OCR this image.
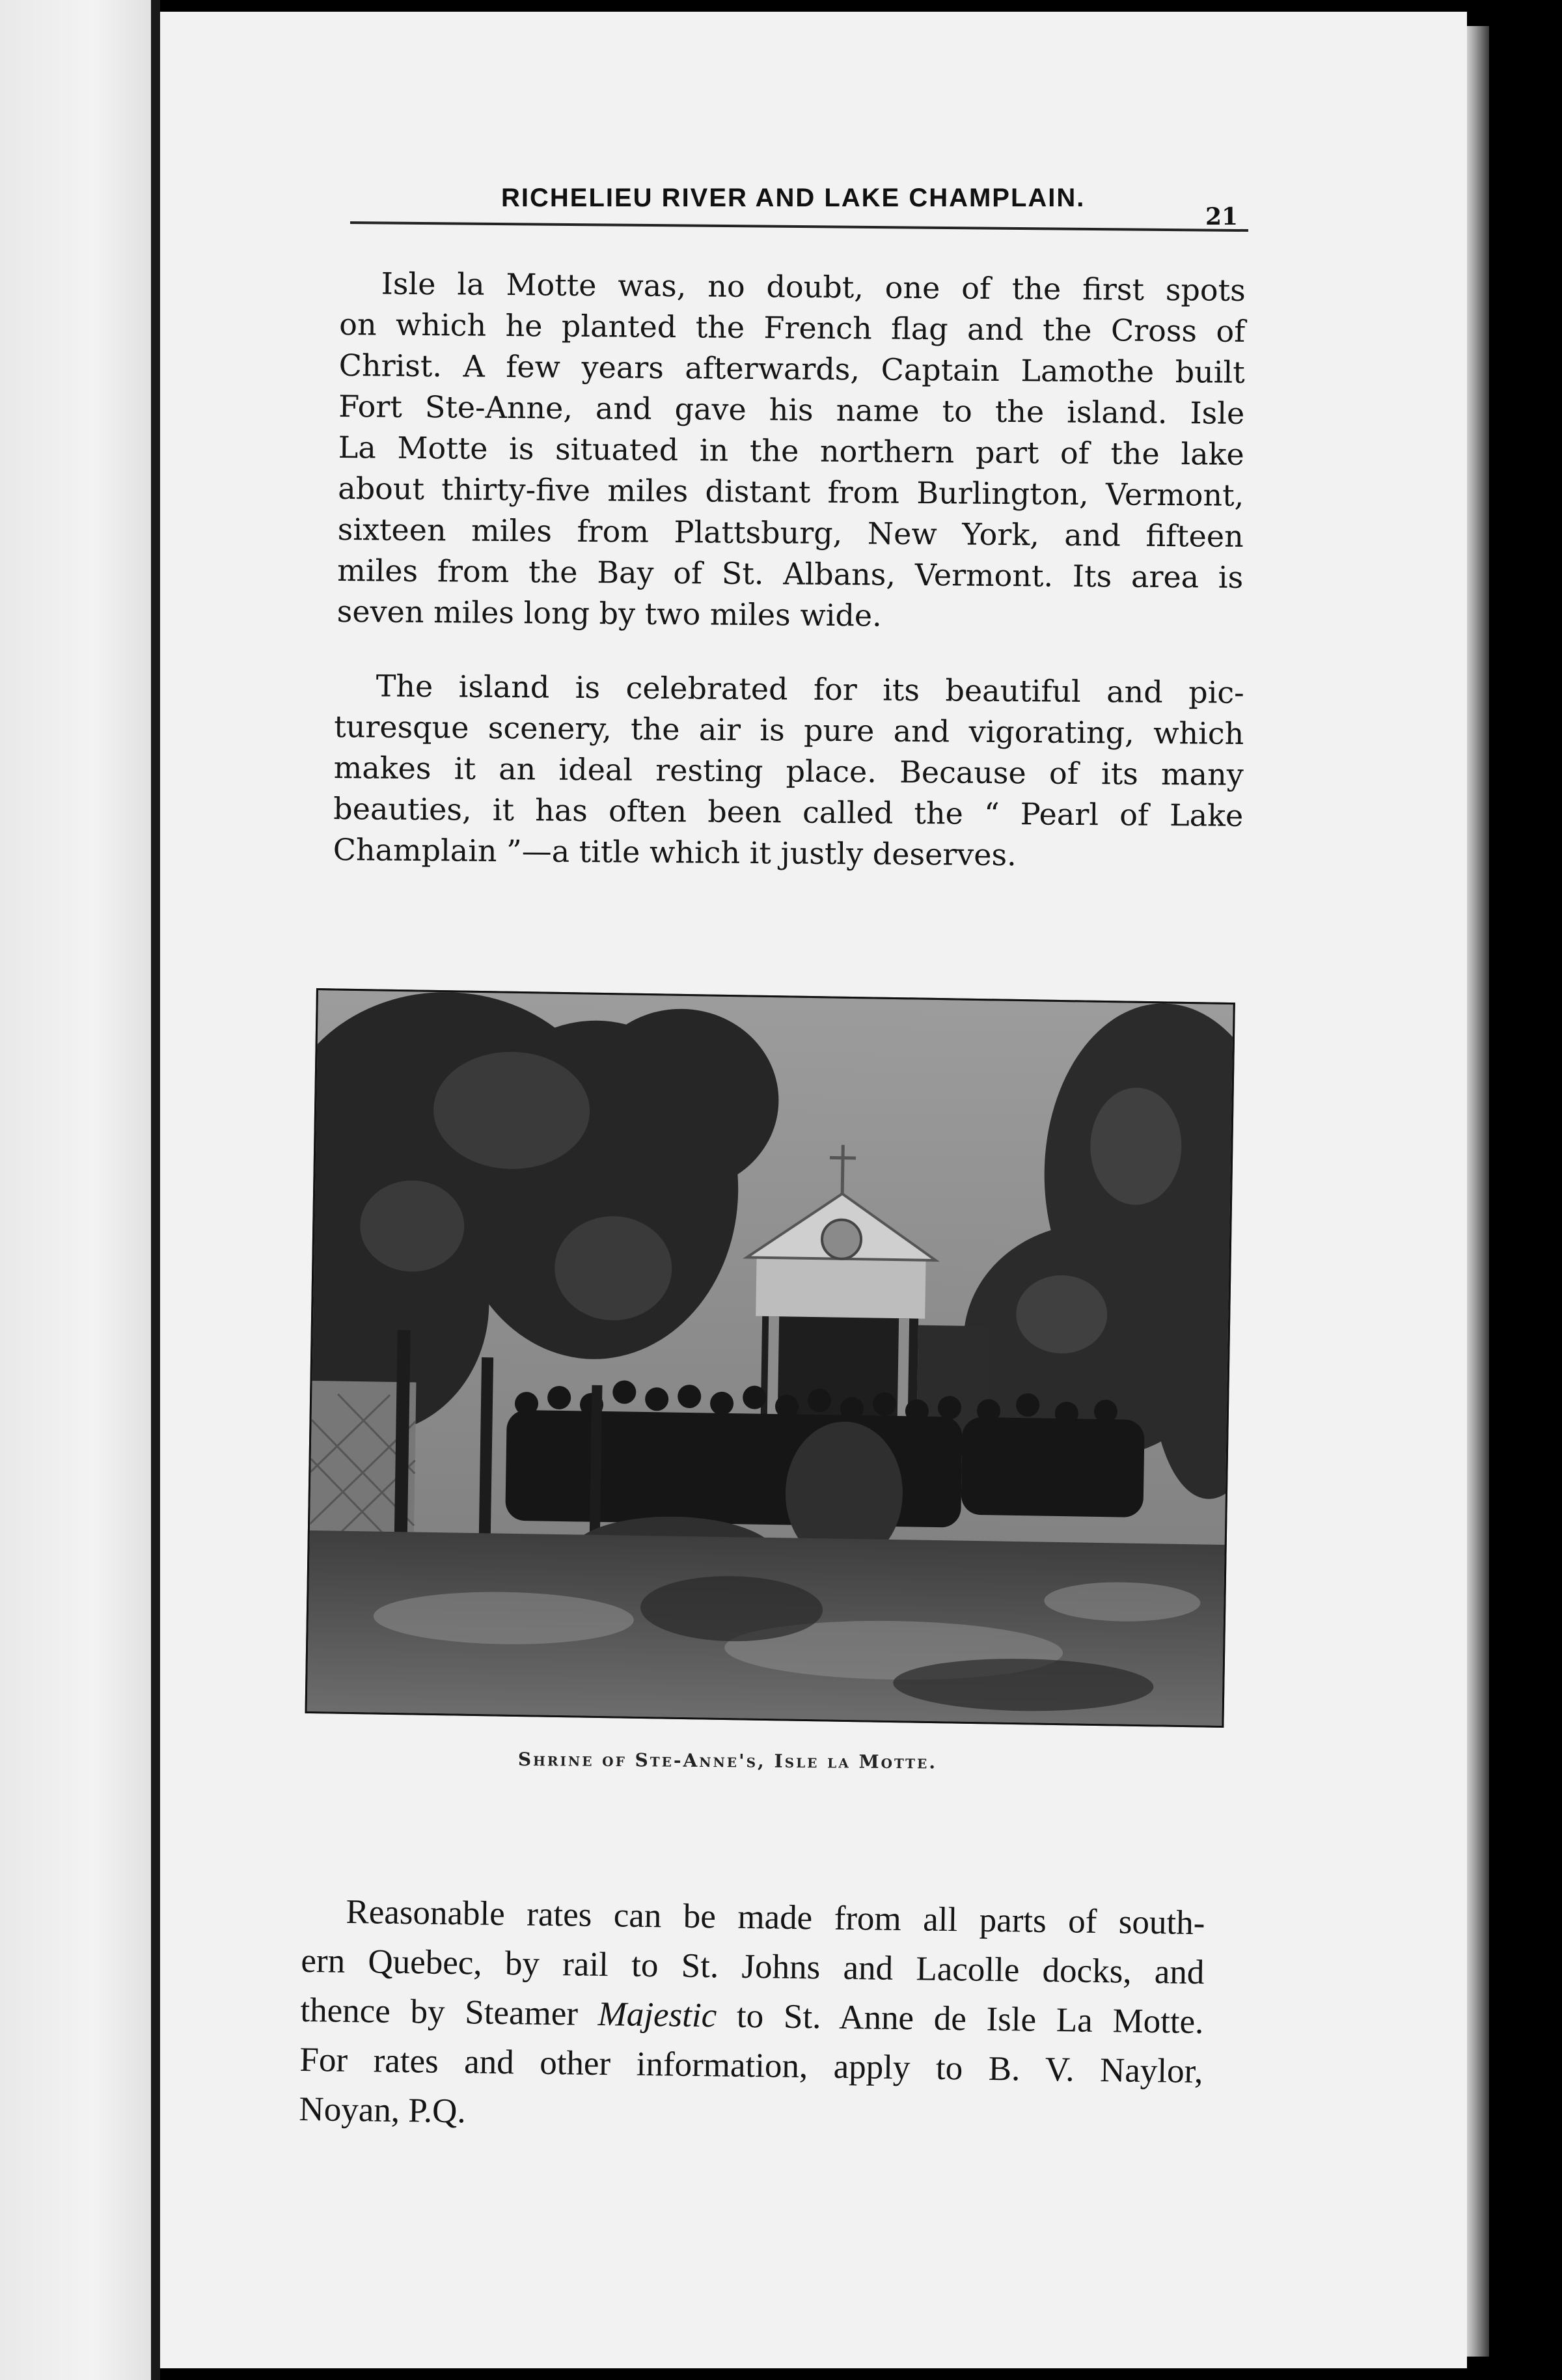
RICHELIEU RIVER AND LAKE CHAMPLAIN.
21
Isle la Motte was, no doubt, one of the first spots
on which he planted the French flag and the Cross of
Christ. A few years afterwards, Captain Lamothe built
Fort Ste-Anne, and gave his name to the island. Isle
La Motte is situated in the northern part of the lake
about thirty-five miles distant from Burlington, Vermont,
sixteen miles from Plattsburg, New York, and fifteen
miles from the Bay of St. Albans, Vermont. Its area is
seven miles long by two miles wide.
The island is celebrated for its beautiful and pic-
turesque scenery, the air is pure and vigorating, which
makes it an ideal resting place. Because of its many
beauties, it has often been called the “ Pearl of Lake
Champlain ”—a title which it justly deserves.
Shrine of Ste-Anne's, Isle la Motte.
Reasonable rates can be made from all parts of south-
ern Quebec, by rail to St. Johns and Lacolle docks, and
thence by Steamer Majestic to St. Anne de Isle La Motte.
For rates and other information, apply to B. V. Naylor,
Noyan, P.Q.
